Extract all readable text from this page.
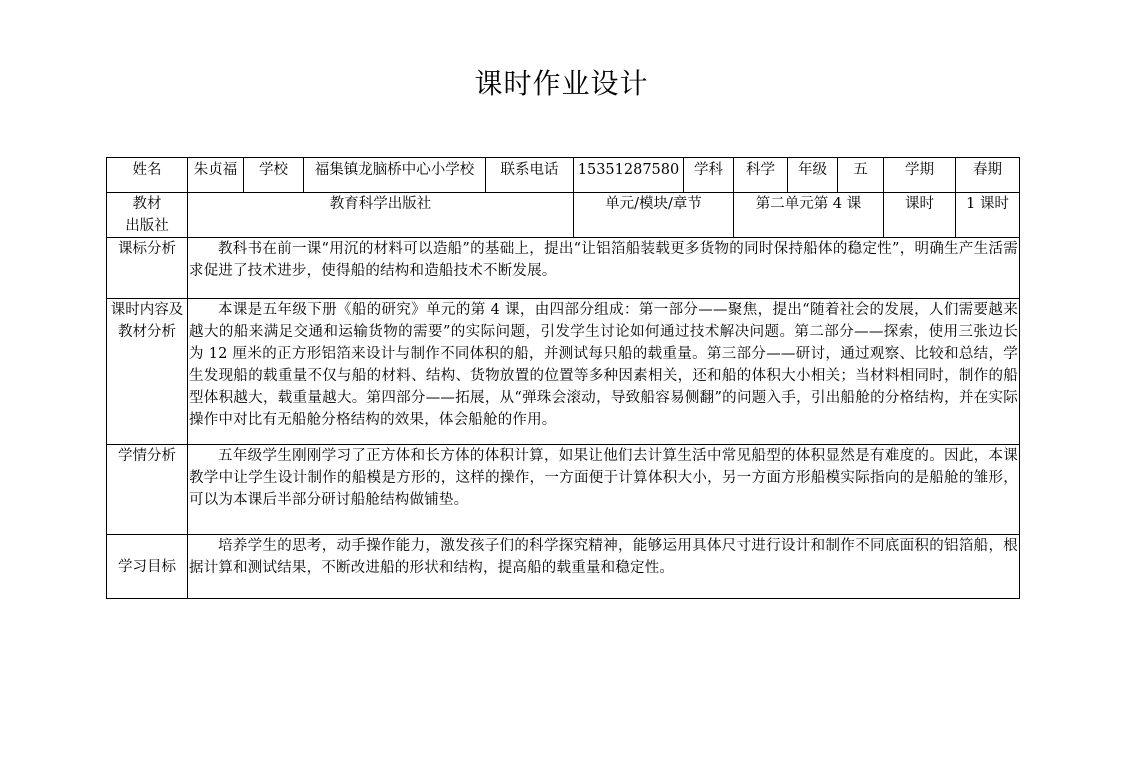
课时作业设计
姓名	朱贞福	学校	福集镇龙脑桥中心小学校	联系电话	15351287580	学科	科学	年级	五	学期	春期

教材
出版社	教育科学出版社				单元/模块/章节		第二单元第 4 课			课时	1 课时
课标分析	教科书在前一课“用沉的材料可以造船”的基础上，提出“让铝箔船装载更多货物的同时保持船体的稳定性”，明确生产生活需求促进了技术进步，使得船的结构和造船技术不断发展。										
课时内容及教材分析	本课是五年级下册《船的研究》单元的第 4 课，由四部分组成：第一部分——聚焦，提出“随着社会的发展，人们需要越来越大的船来满足交通和运输货物的需要”的实际问题，引发学生讨论如何通过技术解决问题。第二部分——探索，使用三张边长为 12 厘米的正方形铝箔来设计与制作不同体积的船，并测试每只船的载重量。第三部分——研讨，通过观察、比较和总结，学生发现船的载重量不仅与船的材料、结构、货物放置的位置等多种因素相关，还和船的体积大小相关；当材料相同时，制作的船型体积越大，载重量越大。第四部分——拓展，从“弹珠会滚动，导致船容易侧翻”的问题入手，引出船舱的分格结构，并在实际操作中对比有无船舱分格结构的效果，体会船舱的作用。										
学情分析	五年级学生刚刚学习了正方体和长方体的体积计算，如果让他们去计算生活中常见船型的体积显然是有难度的。因此，本课教学中让学生设计制作的船模是方形的，这样的操作，一方面便于计算体积大小，另一方面方形船模实际指向的是船舱的雏形，可以为本课后半部分研讨船舱结构做铺垫。										
学习目标	培养学生的思考，动手操作能力，激发孩子们的科学探究精神，能够运用具体尺寸进行设计和制作不同底面积的铝箔船，根据计算和测试结果，不断改进船的形状和结构，提高船的载重量和稳定性。										
